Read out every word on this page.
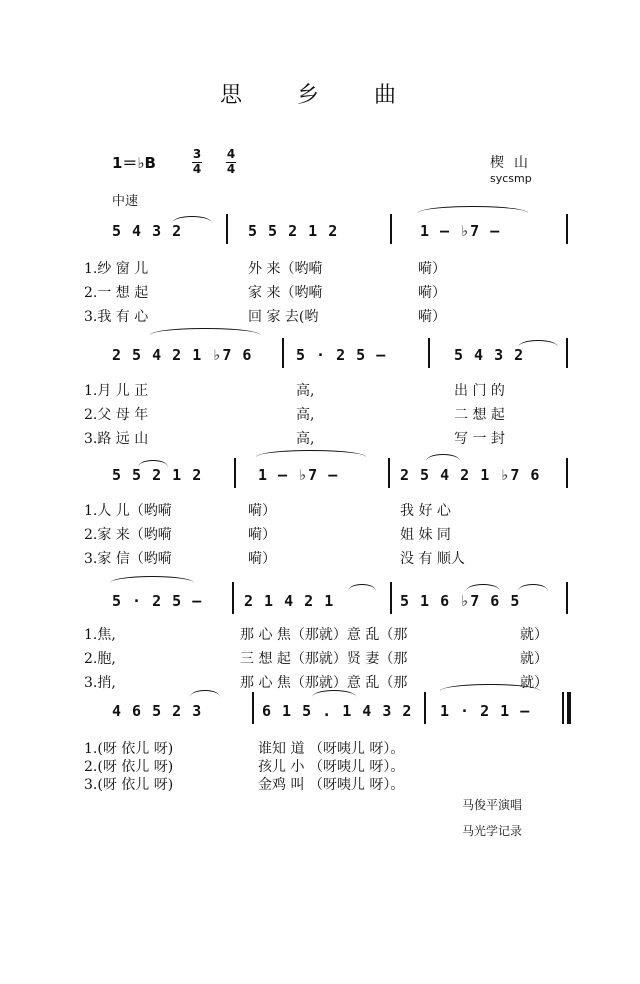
思 乡 曲
1＝♭B	$\frac{3}{4} \frac{4}{4}$	楔山
sycsmp
中速
5 4 3 2	5 5 2 1 2	1 — ♭7 —
1.纱 窗 儿	外 来（哟嗬	嗬）
2.一 想 起	家 来（哟嗬	嗬）
3.我 有 心	回 家 去(哟	嗬）
2 5 4 2 1 ♭7 6	5 · 2 5 —	5 4 3 2
1.月 儿 正	高,	出 门 的
2.父 母 年	高,	二 想 起
3.路 远 山	高,	写 一 封
5 5 2 1 2	1 — ♭7 —	2 5 4 2 1 ♭7 6
1.人 儿（哟嗬	嗬）	我 好 心
2.家 来（哟嗬	嗬）	姐 妹 同
3.家 信（哟嗬	嗬）	没 有 顺人
5 · 2 5 —	2 1 4 2 1	5 1 6 ♭7 6 5
1.焦,	那 心 焦（那就）意 乱（那	就）
2.胞,	三 想 起（那就）贤 妻（那	就）
3.捎,	那 心 焦（那就）意 乱（那	就）
4 6 5 2 3	6 1 5 . 1 4 3 2 1 · 2 1 —
1.(呀 依儿 呀)	谁知 道 （呀咦儿 呀）。
2.(呀 依儿 呀)	孩儿 小 （呀咦儿 呀）。
3.(呀 依儿 呀)	金鸡 叫 （呀咦儿 呀）。
马俊平演唱
马光学记录
